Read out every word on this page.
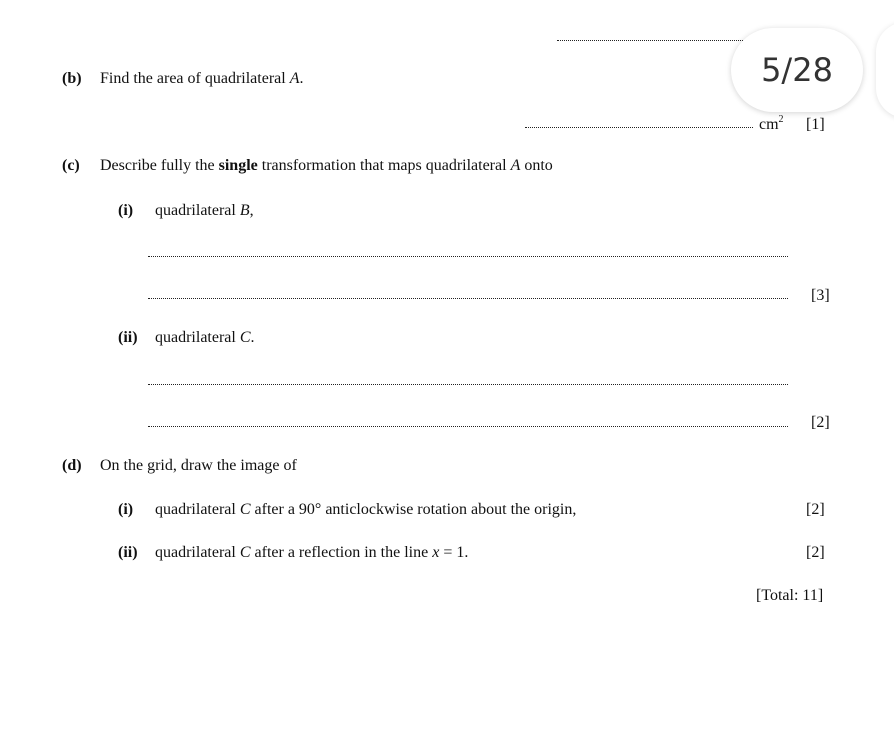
5/28
(b) Find the area of quadrilateral A.
$cm^2$ [1]
(c) Describe fully the single transformation that maps quadrilateral A onto
(i) quadrilateral B,
[3]
(ii) quadrilateral C.
[2]
(d) On the grid, draw the image of
(i) quadrilateral C after a 90° anticlockwise rotation about the origin,	[2]
(ii) quadrilateral C after a reflection in the line x = 1.	[2]
[Total: 11]
